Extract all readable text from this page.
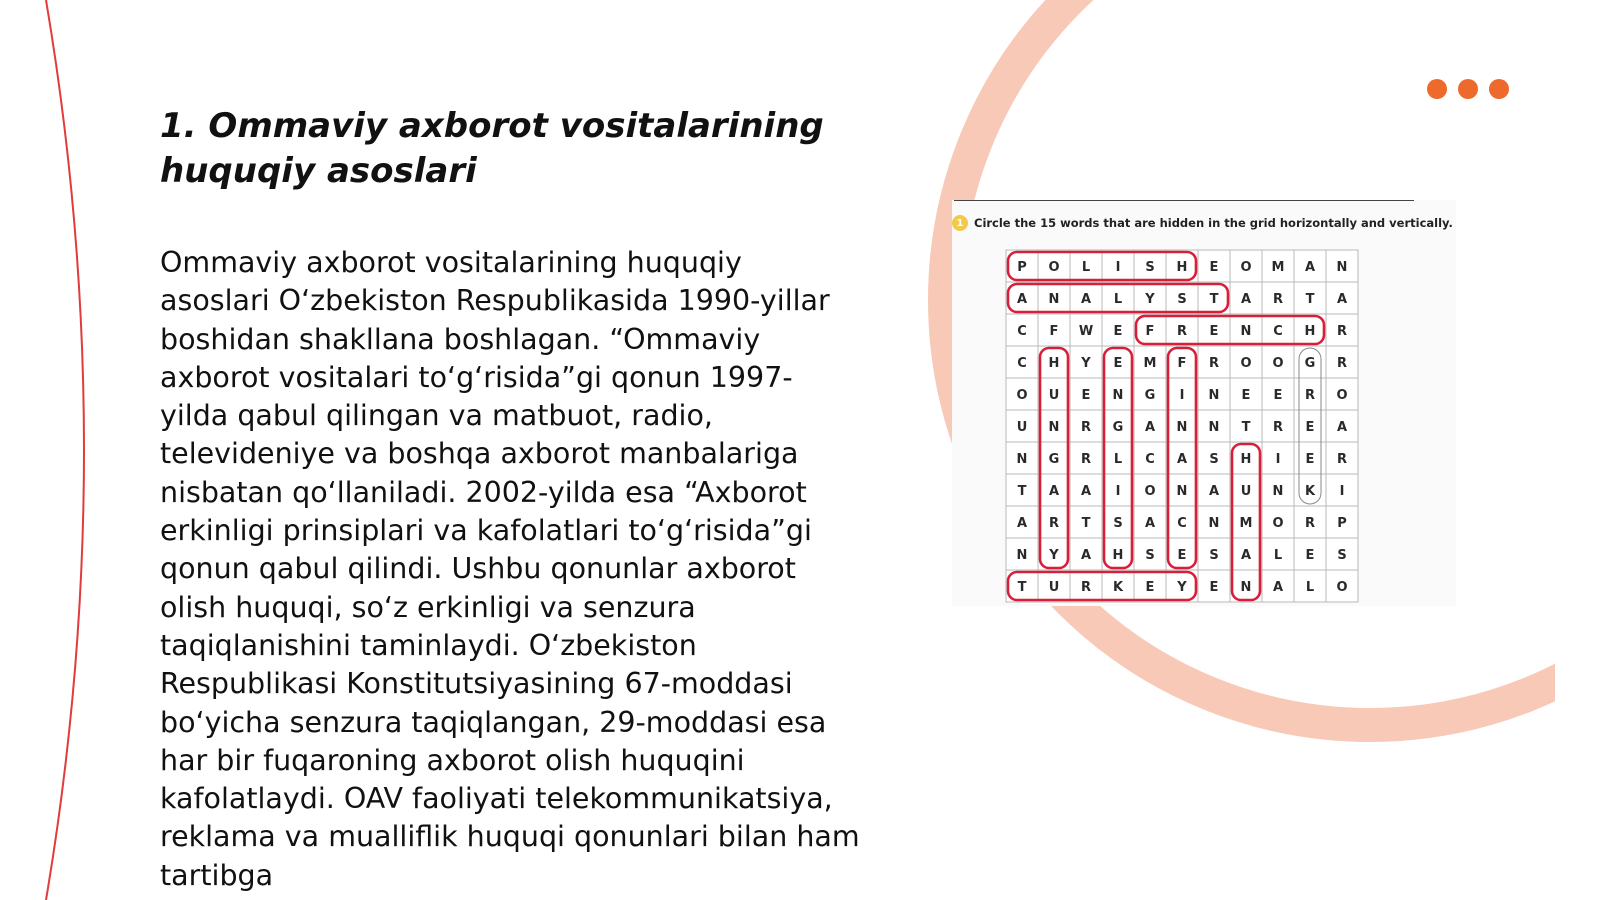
1. Ommaviy axborot vositalarining huquqiy asoslari

Ommaviy axborot vositalarining huquqiy asoslari O‘zbekiston Respublikasida 1990-yillar boshidan shakllana boshlagan. “Ommaviy axborot vositalari to‘g‘risida”gi qonun 1997-yilda qabul qilingan va matbuot, radio, televideniye va boshqa axborot manbalariga nisbatan qo‘llaniladi. 2002-yilda esa “Axborot erkinligi prinsiplari va kafolatlari to‘g‘risida”gi qonun qabul qilindi. Ushbu qonunlar axborot olish huquqi, so‘z erkinligi va senzura taqiqlanishini taminlaydi. O‘zbekiston Respublikasi Konstitutsiyasining 67-moddasi bo‘yicha senzura taqiqlangan, 29-moddasi esa har bir fuqaroning axborot olish huquqini kafolatlaydi. OAV faoliyati telekommunikatsiya, reklama va mualliflik huquqi qonunlari bilan ham tartibga

1 Circle the 15 words that are hidden in the grid horizontally and vertically.
P O L I S H E O M A N
A N A L Y S T A R T A
C F W E F R E N C H R
C H Y E M F R O O G R
O U E N G I N E E R O
U N R G A N N T R E A
N G R L C A S H I E R
T A A I O N A U N K I
A R T S A C N M O R P
N Y A H S E S A L E S
T U R K E Y E N A L O
